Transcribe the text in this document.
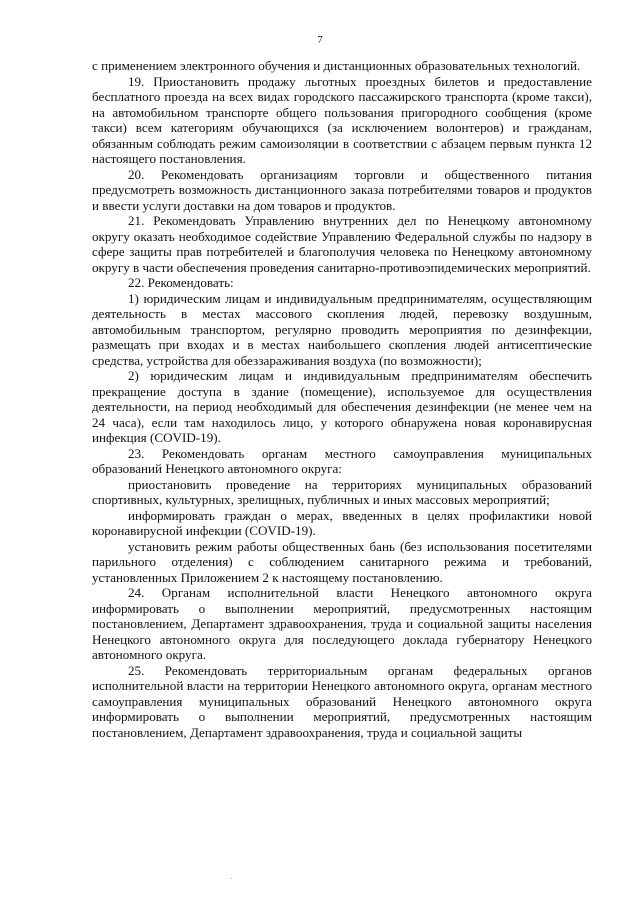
7

с применением электронного обучения и дистанционных образовательных технологий.

19. Приостановить продажу льготных проездных билетов и предоставление бесплатного проезда на всех видах городского пассажирского транспорта (кроме такси), на автомобильном транспорте общего пользования пригородного сообщения (кроме такси) всем категориям обучающихся (за исключением волонтеров) и гражданам, обязанным соблюдать режим самоизоляции в соответствии с абзацем первым пункта 12 настоящего постановления.

20. Рекомендовать организациям торговли и общественного питания предусмотреть возможность дистанционного заказа потребителями товаров и продуктов и ввести услуги доставки на дом товаров и продуктов.

21. Рекомендовать Управлению внутренних дел по Ненецкому автономному округу оказать необходимое содействие Управлению Федеральной службы по надзору в сфере защиты прав потребителей и благополучия человека по Ненецкому автономному округу в части обеспечения проведения санитарно-противоэпидемических мероприятий.

22. Рекомендовать:

1) юридическим лицам и индивидуальным предпринимателям, осуществляющим деятельность в местах массового скопления людей, перевозку воздушным, автомобильным транспортом, регулярно проводить мероприятия по дезинфекции, размещать при входах и в местах наибольшего скопления людей антисептические средства, устройства для обеззараживания воздуха (по возможности);

2) юридическим лицам и индивидуальным предпринимателям обеспечить прекращение доступа в здание (помещение), используемое для осуществления деятельности, на период необходимый для обеспечения дезинфекции (не менее чем на 24 часа), если там находилось лицо, у которого обнаружена новая коронавирусная инфекция (COVID-19).

23. Рекомендовать органам местного самоуправления муниципальных образований Ненецкого автономного округа:

приостановить проведение на территориях муниципальных образований спортивных, культурных, зрелищных, публичных и иных массовых мероприятий;

информировать граждан о мерах, введенных в целях профилактики новой коронавирусной инфекции (COVID-19).

установить режим работы общественных бань (без использования посетителями парильного отделения) с соблюдением санитарного режима и требований, установленных Приложением 2 к настоящему постановлению.

24. Органам исполнительной власти Ненецкого автономного округа информировать о выполнении мероприятий, предусмотренных настоящим постановлением, Департамент здравоохранения, труда и социальной защиты населения Ненецкого автономного округа для последующего доклада губернатору Ненецкого автономного округа.

25. Рекомендовать территориальным органам федеральных органов исполнительной власти на территории Ненецкого автономного округа, органам местного самоуправления муниципальных образований Ненецкого автономного округа информировать о выполнении мероприятий, предусмотренных настоящим постановлением, Департамент здравоохранения, труда и социальной защиты
